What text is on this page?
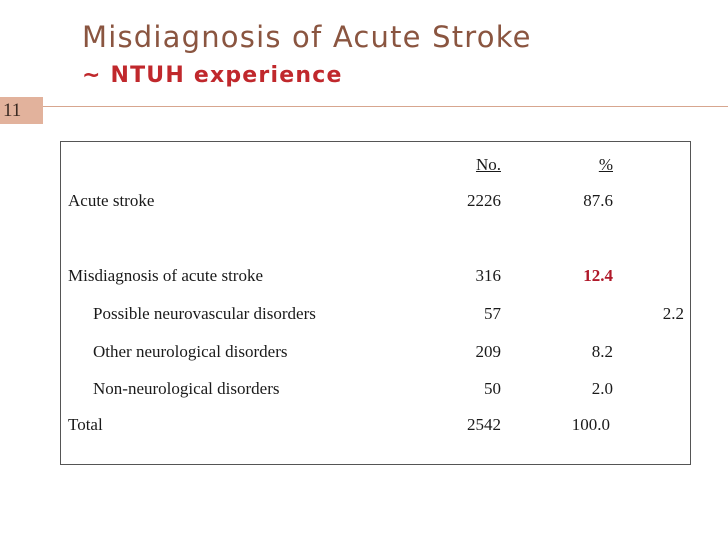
Misdiagnosis of Acute Stroke
~ NTUH experience
11
No.	%
Acute stroke	2226	87.6
Misdiagnosis of acute stroke	316	12.4
Possible neurovascular disorders	57	2.2
Other neurological disorders	209	8.2
Non-neurological disorders	50	2.0
Total	2542	100.0
